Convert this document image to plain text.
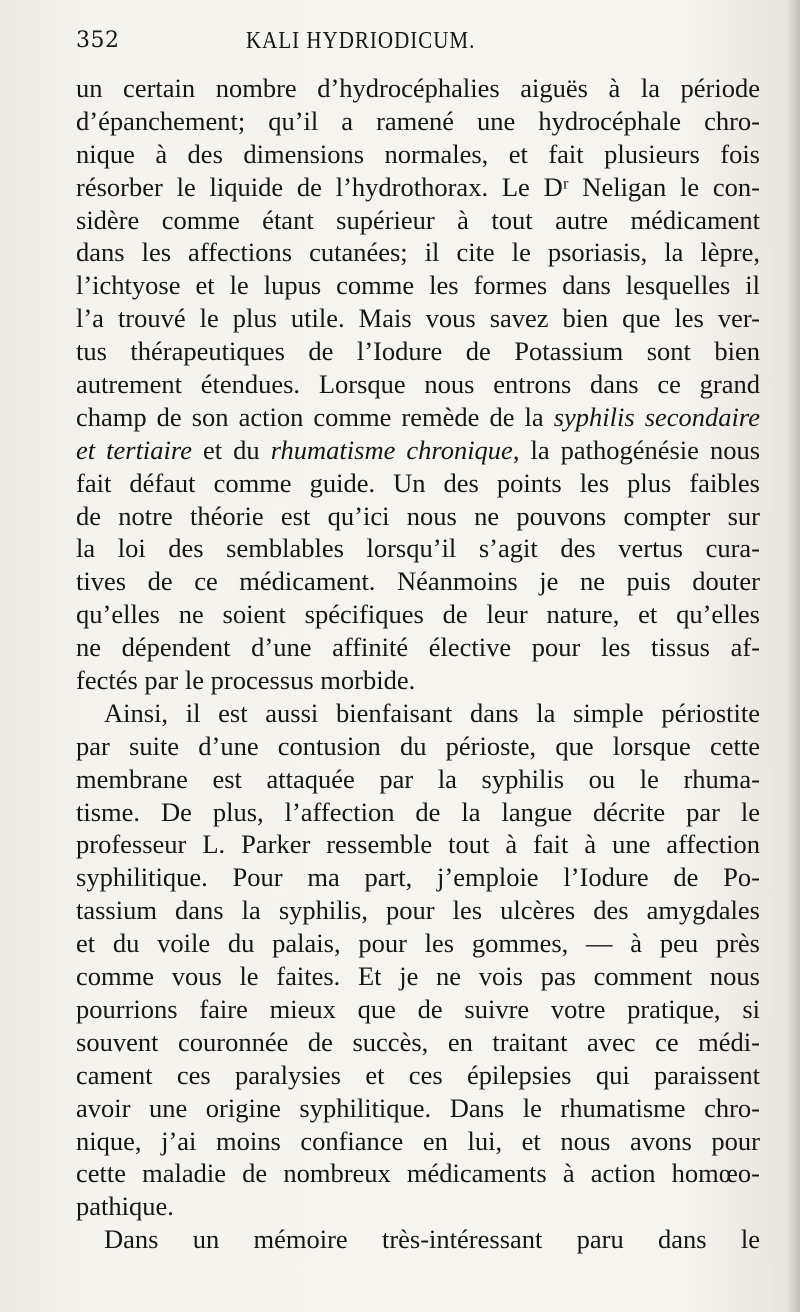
352	KALI HYDRIODICUM.
un certain nombre d’hydrocéphalies aiguës à la période
d’épanchement; qu’il a ramené une hydrocéphale chro-
nique à des dimensions normales, et fait plusieurs fois
résorber le liquide de l’hydrothorax. Le Dʳ Neligan le con-
sidère comme étant supérieur à tout autre médicament
dans les affections cutanées; il cite le psoriasis, la lèpre,
l’ichtyose et le lupus comme les formes dans lesquelles il
l’a trouvé le plus utile. Mais vous savez bien que les ver-
tus thérapeutiques de l’Iodure de Potassium sont bien
autrement étendues. Lorsque nous entrons dans ce grand
champ de son action comme remède de la syphilis secondaire
et tertiaire et du rhumatisme chronique, la pathogénésie nous
fait défaut comme guide. Un des points les plus faibles
de notre théorie est qu’ici nous ne pouvons compter sur
la loi des semblables lorsqu’il s’agit des vertus cura-
tives de ce médicament. Néanmoins je ne puis douter
qu’elles ne soient spécifiques de leur nature, et qu’elles
ne dépendent d’une affinité élective pour les tissus af-
fectés par le processus morbide.
Ainsi, il est aussi bienfaisant dans la simple périostite
par suite d’une contusion du périoste, que lorsque cette
membrane est attaquée par la syphilis ou le rhuma-
tisme. De plus, l’affection de la langue décrite par le
professeur L. Parker ressemble tout à fait à une affection
syphilitique. Pour ma part, j’emploie l’Iodure de Po-
tassium dans la syphilis, pour les ulcères des amygdales
et du voile du palais, pour les gommes, — à peu près
comme vous le faites. Et je ne vois pas comment nous
pourrions faire mieux que de suivre votre pratique, si
souvent couronnée de succès, en traitant avec ce médi-
cament ces paralysies et ces épilepsies qui paraissent
avoir une origine syphilitique. Dans le rhumatisme chro-
nique, j’ai moins confiance en lui, et nous avons pour
cette maladie de nombreux médicaments à action homœo-
pathique.
Dans un mémoire très-intéressant paru dans le
